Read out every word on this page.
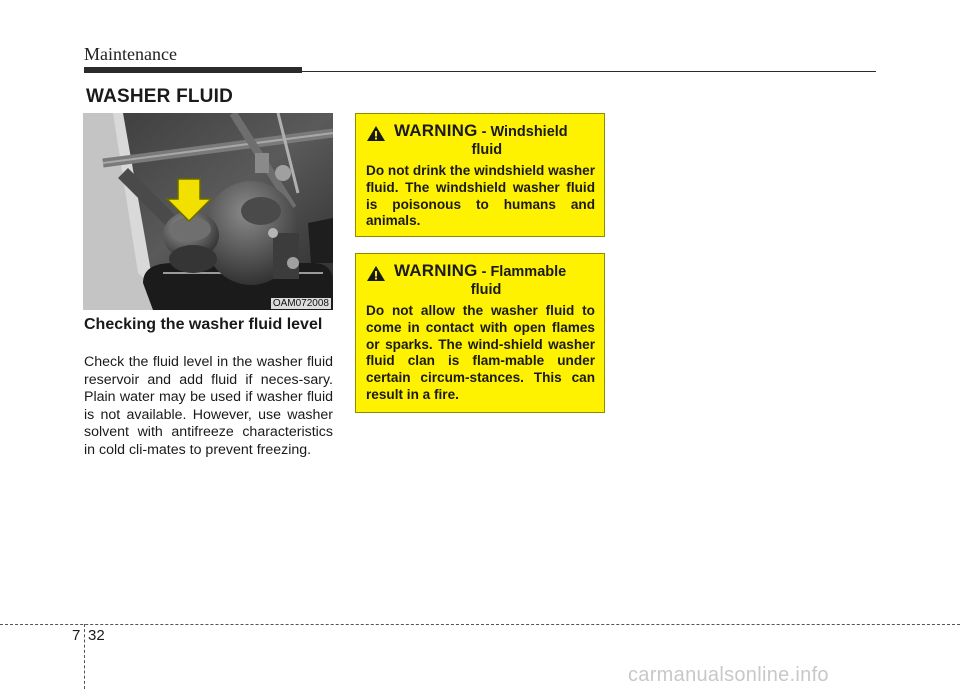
Maintenance
WASHER FLUID
OAM072008
Checking the washer fluid level
Check the fluid level in the washer fluid reservoir and add fluid if neces-sary. Plain water may be used if washer fluid is not available. However, use washer solvent with antifreeze characteristics in cold cli-mates to prevent freezing.
WARNING - Windshield
fluid
Do not drink the windshield washer fluid. The windshield washer fluid is poisonous to humans and animals.
WARNING - Flammable
fluid
Do not allow the washer fluid to come in contact with open flames or sparks. The wind-shield washer fluid clan is flam-mable under certain circum-stances. This can result in a fire.
7 32
carmanualsonline.info
